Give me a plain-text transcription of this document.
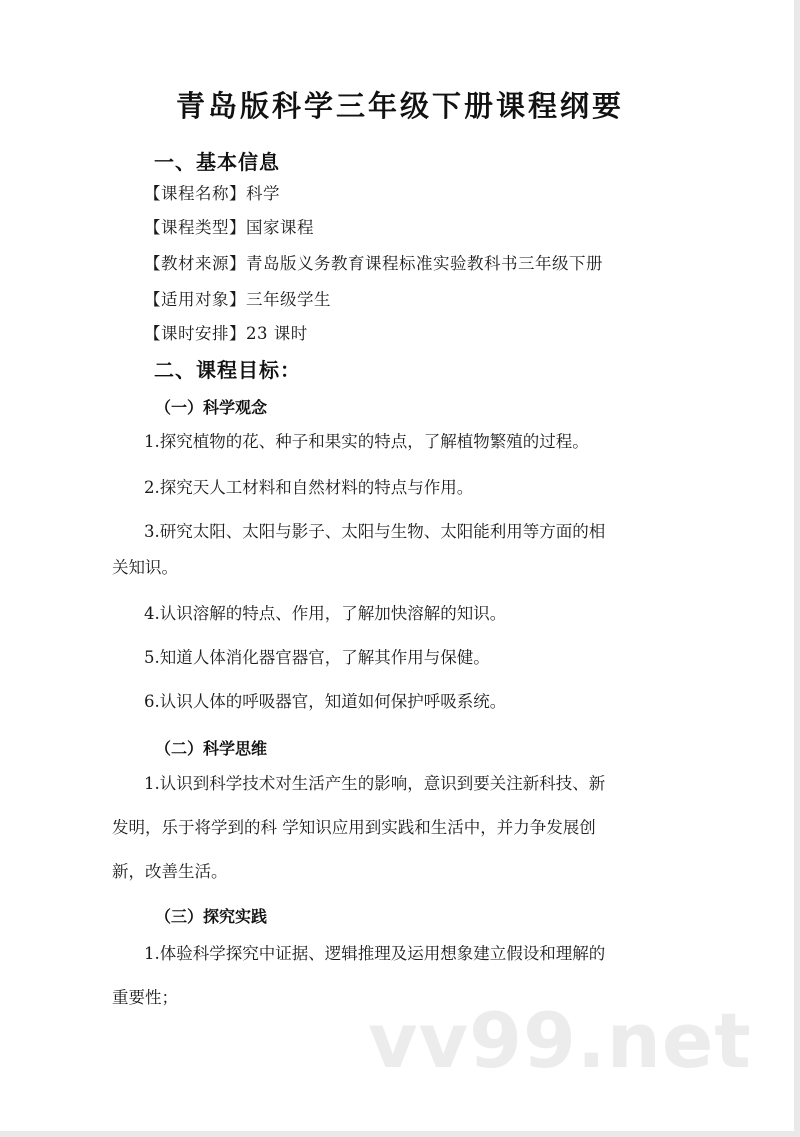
青岛版科学三年级下册课程纲要
一、基本信息
【课程名称】科学
【课程类型】国家课程
【教材来源】青岛版义务教育课程标准实验教科书三年级下册
【适用对象】三年级学生
【课时安排】23 课时
二、课程目标：
（一）科学观念
1.探究植物的花、种子和果实的特点，了解植物繁殖的过程。
2.探究天人工材料和自然材料的特点与作用。
3.研究太阳、太阳与影子、太阳与生物、太阳能利用等方面的相
关知识。
4.认识溶解的特点、作用，了解加快溶解的知识。
5.知道人体消化器官器官，了解其作用与保健。
6.认识人体的呼吸器官，知道如何保护呼吸系统。
（二）科学思维
1.认识到科学技术对生活产生的影响，意识到要关注新科技、新
发明，乐于将学到的科 学知识应用到实践和生活中，并力争发展创
新，改善生活。
（三）探究实践
1.体验科学探究中证据、逻辑推理及运用想象建立假设和理解的
重要性；	vv99.net
